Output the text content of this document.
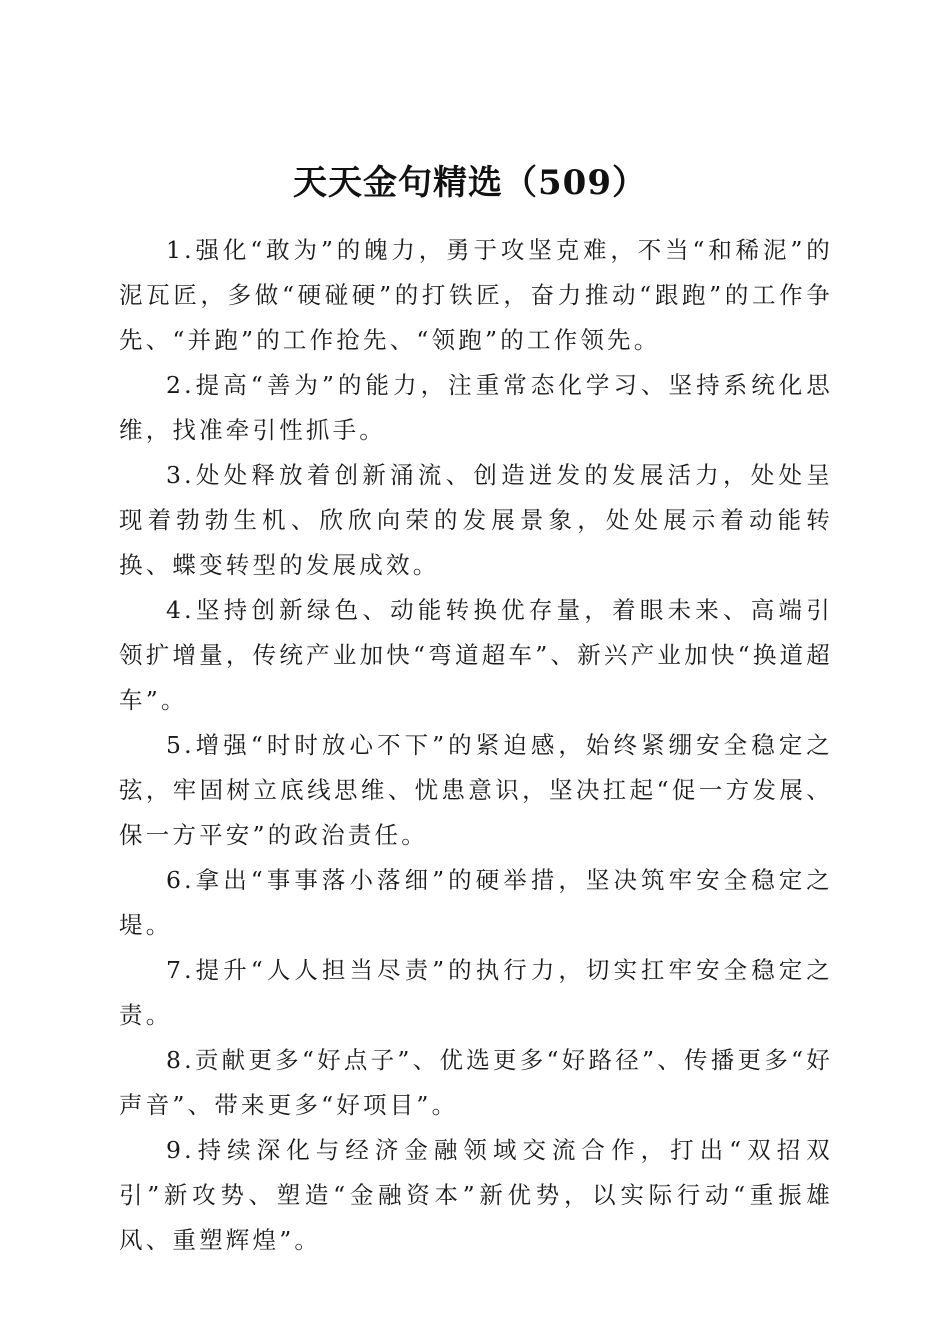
天天金句精选（509）

1.强化“敢为”的魄力，勇于攻坚克难，不当“和稀泥”的泥瓦匠，多做“硬碰硬”的打铁匠，奋力推动“跟跑”的工作争先、“并跑”的工作抢先、“领跑”的工作领先。

2.提高“善为”的能力，注重常态化学习、坚持系统化思维，找准牵引性抓手。

3.处处释放着创新涌流、创造迸发的发展活力，处处呈现着勃勃生机、欣欣向荣的发展景象，处处展示着动能转换、蝶变转型的发展成效。

4.坚持创新绿色、动能转换优存量，着眼未来、高端引领扩增量，传统产业加快“弯道超车”、新兴产业加快“换道超车”。

5.增强“时时放心不下”的紧迫感，始终紧绷安全稳定之弦，牢固树立底线思维、忧患意识，坚决扛起“促一方发展、保一方平安”的政治责任。

6.拿出“事事落小落细”的硬举措，坚决筑牢安全稳定之堤。

7.提升“人人担当尽责”的执行力，切实扛牢安全稳定之责。

8.贡献更多“好点子”、优选更多“好路径”、传播更多“好声音”、带来更多“好项目”。

9.持续深化与经济金融领域交流合作，打出“双招双引”新攻势、塑造“金融资本”新优势，以实际行动“重振雄风、重塑辉煌”。
